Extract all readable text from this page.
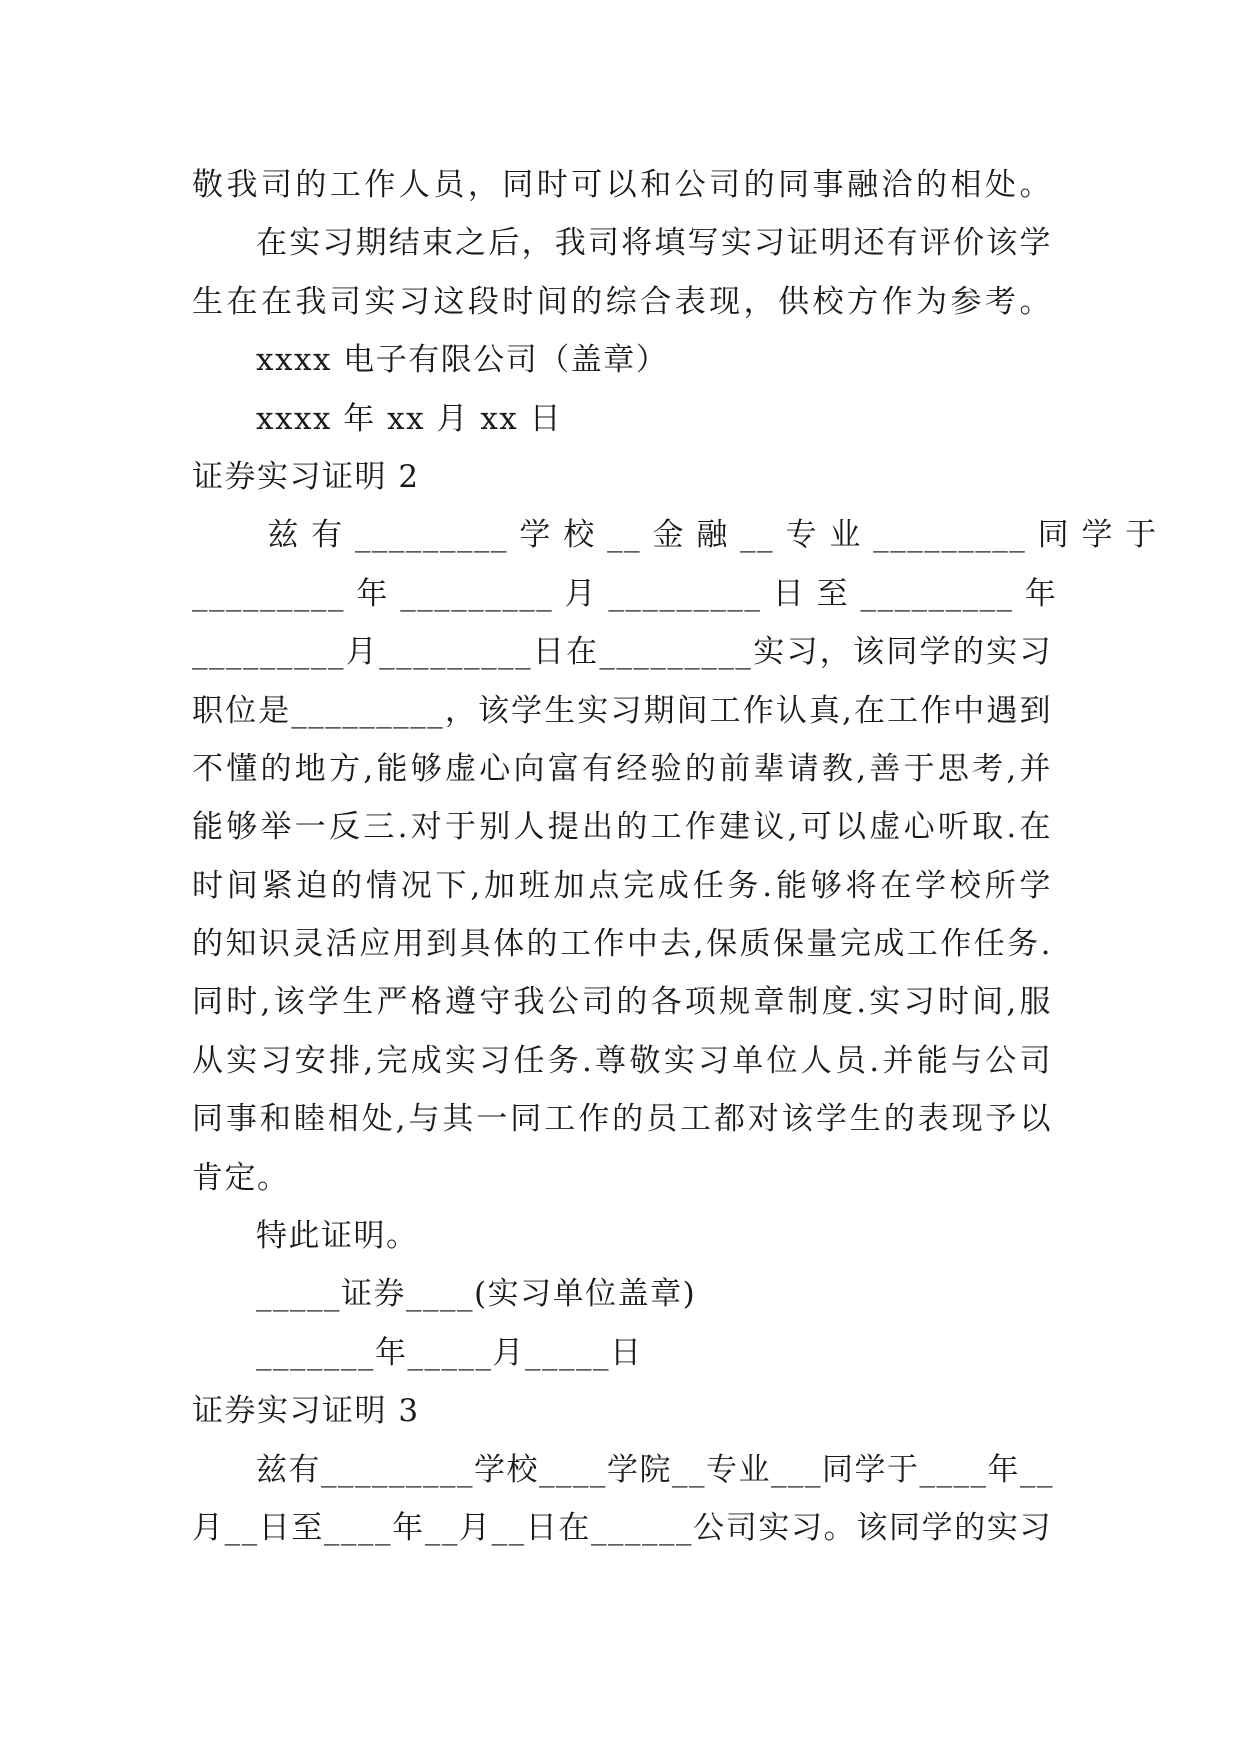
敬我司的工作人员，同时可以和公司的同事融洽的相处。

在实习期结束之后，我司将填写实习证明还有评价该学

生在在我司实习这段时间的综合表现，供校方作为参考。

xxxx 电子有限公司（盖章）

xxxx 年 xx 月 xx 日

证券实习证明 2

兹 有 _________ 学 校 __ 金 融 __ 专 业 _________ 同 学 于

_________ 年 _________ 月 _________ 日 至 _________ 年

_________月_________日在_________实习，该同学的实习

职位是_________，该学生实习期间工作认真,在工作中遇到

不懂的地方,能够虚心向富有经验的前辈请教,善于思考,并

能够举一反三.对于别人提出的工作建议,可以虚心听取.在

时间紧迫的情况下,加班加点完成任务.能够将在学校所学

的知识灵活应用到具体的工作中去,保质保量完成工作任务.

同时,该学生严格遵守我公司的各项规章制度.实习时间,服

从实习安排,完成实习任务.尊敬实习单位人员.并能与公司

同事和睦相处,与其一同工作的员工都对该学生的表现予以

肯定。

特此证明。

_____证券____(实习单位盖章)

_______年_____月_____日

证券实习证明 3

兹有_________学校____学院__专业___同学于____年__

月__日至____年__月__日在______公司实习。该同学的实习
